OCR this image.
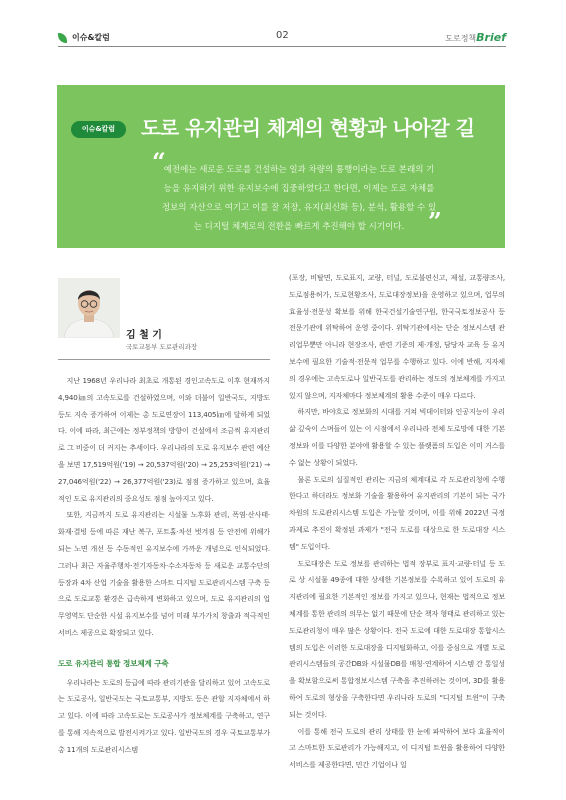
이슈&칼럼	02	도로정책Brief
이슈&칼럼	도로 유지관리 체계의 현황과 나아갈 길
“
예전에는 새로운 도로를 건설하는 일과 차량의 통행이라는 도로 본래의 기능을 유지하기 위한 유지보수에 집중하였다고 한다면, 이제는 도로 자체를 정보의 자산으로 여기고 이를 잘 저장, 유지(최신화 등), 분석, 활용할 수 있는 디지털 체계로의 전환을 빠르게 추진해야 할 시기이다. ”
김 철 기
국토교통부 도로관리과장

지난 1968년 우리나라 최초로 개통된 경인고속도로 이후 현재까지 4,940㎞의 고속도로를 건설하였으며, 이와 더불어 일반국도, 지방도 등도 지속 증가하여 이제는 총 도로연장이 113,405㎞에 달하게 되었다. 이에 따라, 최근에는 정부정책의 방향이 건설에서 조금씩 유지관리로 그 비중이 더 커지는 추세이다. 우리나라의 도로 유지보수 관련 예산을 보면 17,519억원('19) → 20,537억원('20) → 25,253억원('21) → 27,046억원('22) → 26,377억원('23)로 점점 증가하고 있으며, 효율적인 도로 유지관리의 중요성도 점점 높아지고 있다.

또한, 지금까지 도로 유지관리는 시설물 노후화 관리, 폭염·산사태·화재·결빙 등에 따른 재난 복구, 포트홀·차선 벗겨짐 등 안전에 위해가 되는 노면 개선 등 수동적인 유지보수에 가까운 개념으로 인식되었다. 그러나 최근 자율주행차·전기자동차·수소자동차 등 새로운 교통수단의 등장과 4차 산업 기술을 활용한 스마트 디지털 도로관리시스템 구축 등으로 도로교통 환경은 급속하게 변화하고 있으며, 도로 유지관리의 업무영역도 단순한 시설 유지보수를 넘어 미래 부가가치 창출과 적극적인 서비스 제공으로 확장되고 있다.

도로 유지관리 통합 정보체계 구축

우리나라는 도로의 등급에 따라 관리기관을 달리하고 있어 고속도로는 도로공사, 일반국도는 국토교통부, 지방도 등은 관할 지자체에서 하고 있다. 이에 따라 고속도로는 도로공사가 정보체계를 구축하고, 연구를 통해 지속적으로 발전시켜가고 있다. 일반국도의 경우 국토교통부가 총 11개의 도로관리시스템

(포장, 비탈면, 도로표지, 교량, 터널, 도로불편신고, 제설, 교통량조사, 도로점용허가, 도로현황조사, 도로대장정보)을 운영하고 있으며, 업무의 효율성·전문성 확보를 위해 한국건설기술연구원, 한국국토정보공사 등 전문기관에 위탁하여 운영 중이다. 위탁기관에서는 단순 정보시스템 관리업무뿐만 아니라 현장조사, 관련 기준의 제·개정, 담당자 교육 등 유지보수에 필요한 기술적·전문적 업무를 수행하고 있다. 이에 반해, 지자체의 경우에는 고속도로나 일반국도를 관리하는 정도의 정보체계를 가지고 있지 않으며, 지자체마다 정보체계의 활용 수준이 매우 다르다.

하지만, 바야흐로 정보화의 시대를 거쳐 빅데이터와 인공지능이 우리 삶 깊숙이 스며들어 있는 이 시점에서 우리나라 전체 도로망에 대한 기본 정보와 이를 다양한 분야에 활용할 수 있는 플랫폼의 도입은 이미 거스를 수 없는 상황이 되었다.

물론 도로의 실질적인 관리는 지금의 체계대로 각 도로관리청에 수행한다고 하더라도 정보화 기술을 활용하여 유지관리의 기본이 되는 국가 차원의 도로관리시스템 도입은 가능할 것이며, 이를 위해 2022년 국정과제로 추진이 확정된 과제가 "전국 도로를 대상으로 한 도로대장 시스템" 도입이다.

도로대장은 도로 정보를 관리하는 법적 장부로 표지·교량·터널 등 도로 상 시설물 49종에 대한 상세한 기본정보를 수록하고 있어 도로의 유지관리에 필요한 기본적인 정보를 가지고 있으나, 현재는 법적으로 정보체계를 통한 관리의 의무는 없기 때문에 단순 책자 형태로 관리하고 있는 도로관리청이 매우 많은 상황이다. 전국 도로에 대한 도로대장 통합시스템의 도입은 이러한 도로대장을 디지털화하고, 이를 중심으로 개별 도로관리시스템들의 공간DB와 시설물DB를 매칭·연계하여 시스템 간 통일성을 확보함으로써 통합정보시스템 구축을 추진하려는 것이며, 3D를 활용하여 도로의 형상을 구축한다면 우리나라 도로의 "디지털 트윈"이 구축되는 것이다.

이를 통해 전국 도로의 관리 상태를 한 눈에 파악하여 보다 효율적이고 스마트한 도로관리가 가능해지고, 이 디지털 트윈을 활용하여 다양한 서비스를 제공한다면, 민간 기업이나 일
